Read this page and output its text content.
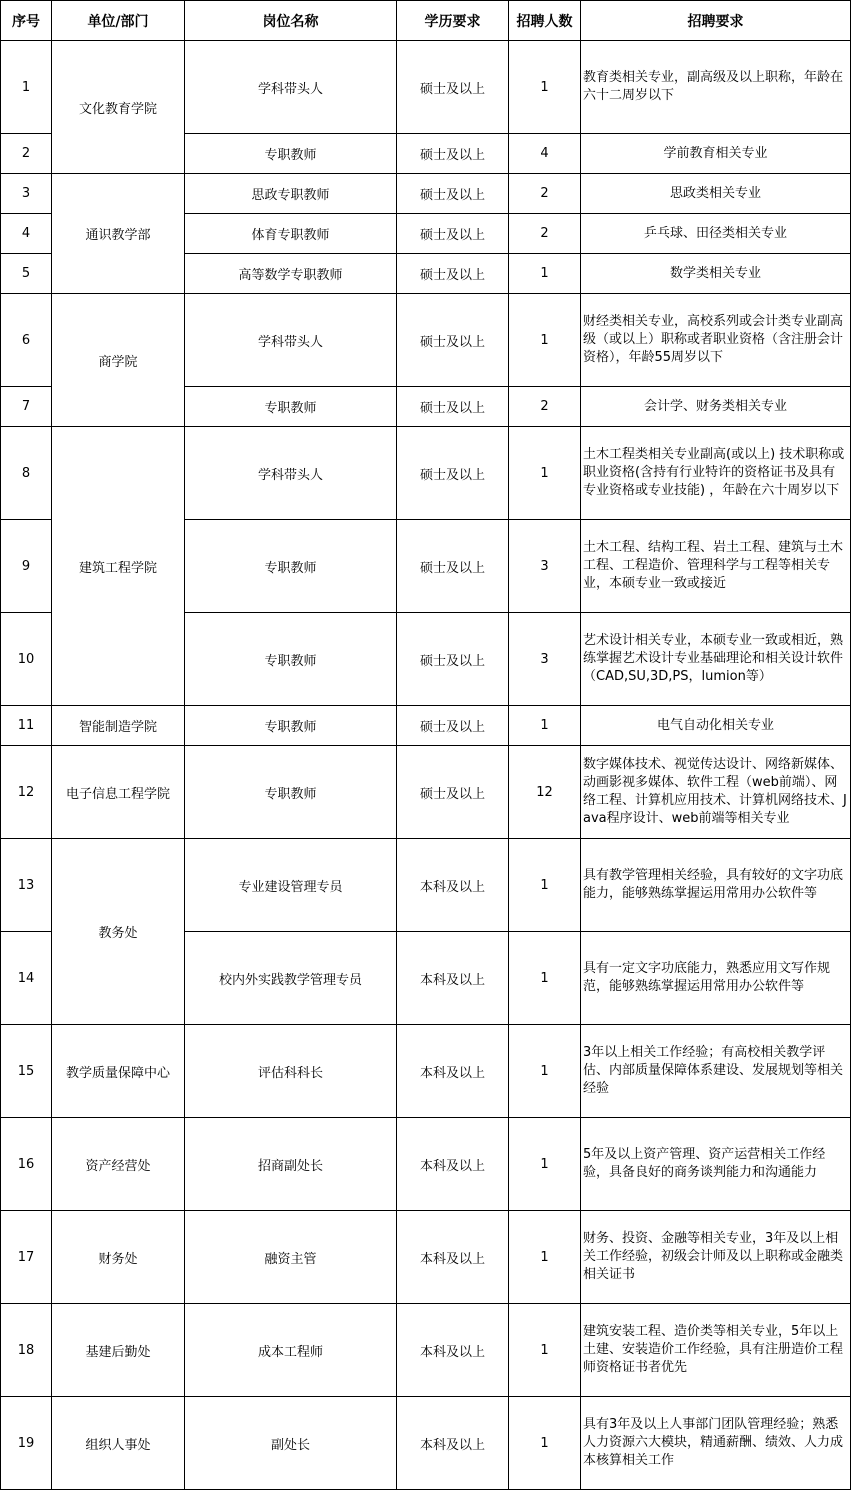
序号	单位/部门	岗位名称	学历要求	招聘人数	招聘要求
1	文化教育学院	学科带头人	硕士及以上	1	教育类相关专业，副高级及以上职称，年龄在六十二周岁以下
2		专职教师	硕士及以上	4	学前教育相关专业
3	通识教学部	思政专职教师	硕士及以上	2	思政类相关专业
4		体育专职教师	硕士及以上	2	乒乓球、田径类相关专业
5		高等数学专职教师	硕士及以上	1	数学类相关专业
6	商学院	学科带头人	硕士及以上	1	财经类相关专业，高校系列或会计类专业副高级（或以上）职称或者职业资格（含注册会计资格），年龄55周岁以下
7		专职教师	硕士及以上	2	会计学、财务类相关专业
8	建筑工程学院	学科带头人	硕士及以上	1	土木工程类相关专业副高(或以上) 技术职称或职业资格(含持有行业特许的资格证书及具有专业资格或专业技能) ，年龄在六十周岁以下
9		专职教师	硕士及以上	3	土木工程、结构工程、岩土工程、建筑与土木工程、工程造价、管理科学与工程等相关专业，本硕专业一致或接近
10		专职教师	硕士及以上	3	艺术设计相关专业，本硕专业一致或相近，熟练掌握艺术设计专业基础理论和相关设计软件（CAD,SU,3D,PS，lumion等）
11	智能制造学院	专职教师	硕士及以上	1	电气自动化相关专业
12	电子信息工程学院	专职教师	硕士及以上	12	数字媒体技术、视觉传达设计、网络新媒体、动画影视多媒体、软件工程（web前端）、网络工程、计算机应用技术、计算机网络技术、Java程序设计、web前端等相关专业
13	教务处	专业建设管理专员	本科及以上	1	具有教学管理相关经验，具有较好的文字功底能力，能够熟练掌握运用常用办公软件等
14		校内外实践教学管理专员	本科及以上	1	具有一定文字功底能力，熟悉应用文写作规范，能够熟练掌握运用常用办公软件等
15	教学质量保障中心	评估科科长	本科及以上	1	3年以上相关工作经验；有高校相关教学评估、内部质量保障体系建设、发展规划等相关经验
16	资产经营处	招商副处长	本科及以上	1	5年及以上资产管理、资产运营相关工作经验，具备良好的商务谈判能力和沟通能力
17	财务处	融资主管	本科及以上	1	财务、投资、金融等相关专业，3年及以上相关工作经验，初级会计师及以上职称或金融类相关证书
18	基建后勤处	成本工程师	本科及以上	1	建筑安装工程、造价类等相关专业，5年以上土建、安装造价工作经验，具有注册造价工程师资格证书者优先
19	组织人事处	副处长	本科及以上	1	具有3年及以上人事部门团队管理经验；熟悉人力资源六大模块，精通薪酬、绩效、人力成本核算相关工作
